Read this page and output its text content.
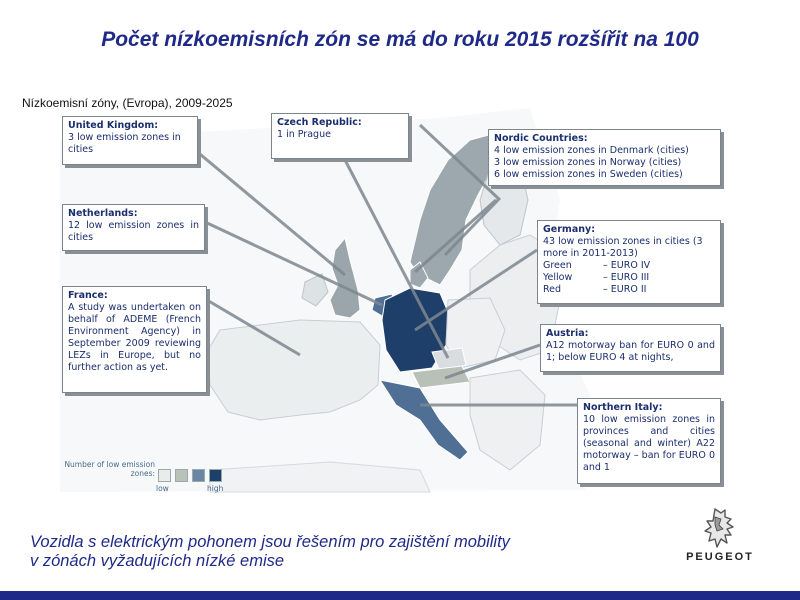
Počet nízkoemisních zón se má do roku 2015 rozšířit na 100
Nízkoemisní zóny, (Evropa), 2009-2025
United Kingdom:
3 low emission zones in cities
Czech Republic:
1 in Prague	Nordic Countries:
4 low emission zones in Denmark (cities)
3 low emission zones in Norway (cities)
6 low emission zones in Sweden (cities)
Netherlands:
12 low emission zones in cities
Germany:
43 low emission zones in cities (3 more in 2011-2013)
Green	– EURO IV
Yellow	– EURO III
Red	– EURO II
France:
A study was undertaken on behalf of ADEME (French Environment Agency) in September 2009 reviewing LEZs in Europe, but no further action as yet.
Austria:
A12 motorway ban for EURO 0 and 1; below EURO 4 at nights,
Northern Italy:
10 low emission zones in provinces and cities (seasonal and winter) A22 motorway – ban for EURO 0 and 1
Number of low emission zones:
low	high
Vozidla s elektrickým pohonem jsou řešením pro zajištění mobility
v zónách vyžadujících nízké emise	PEUGEOT
